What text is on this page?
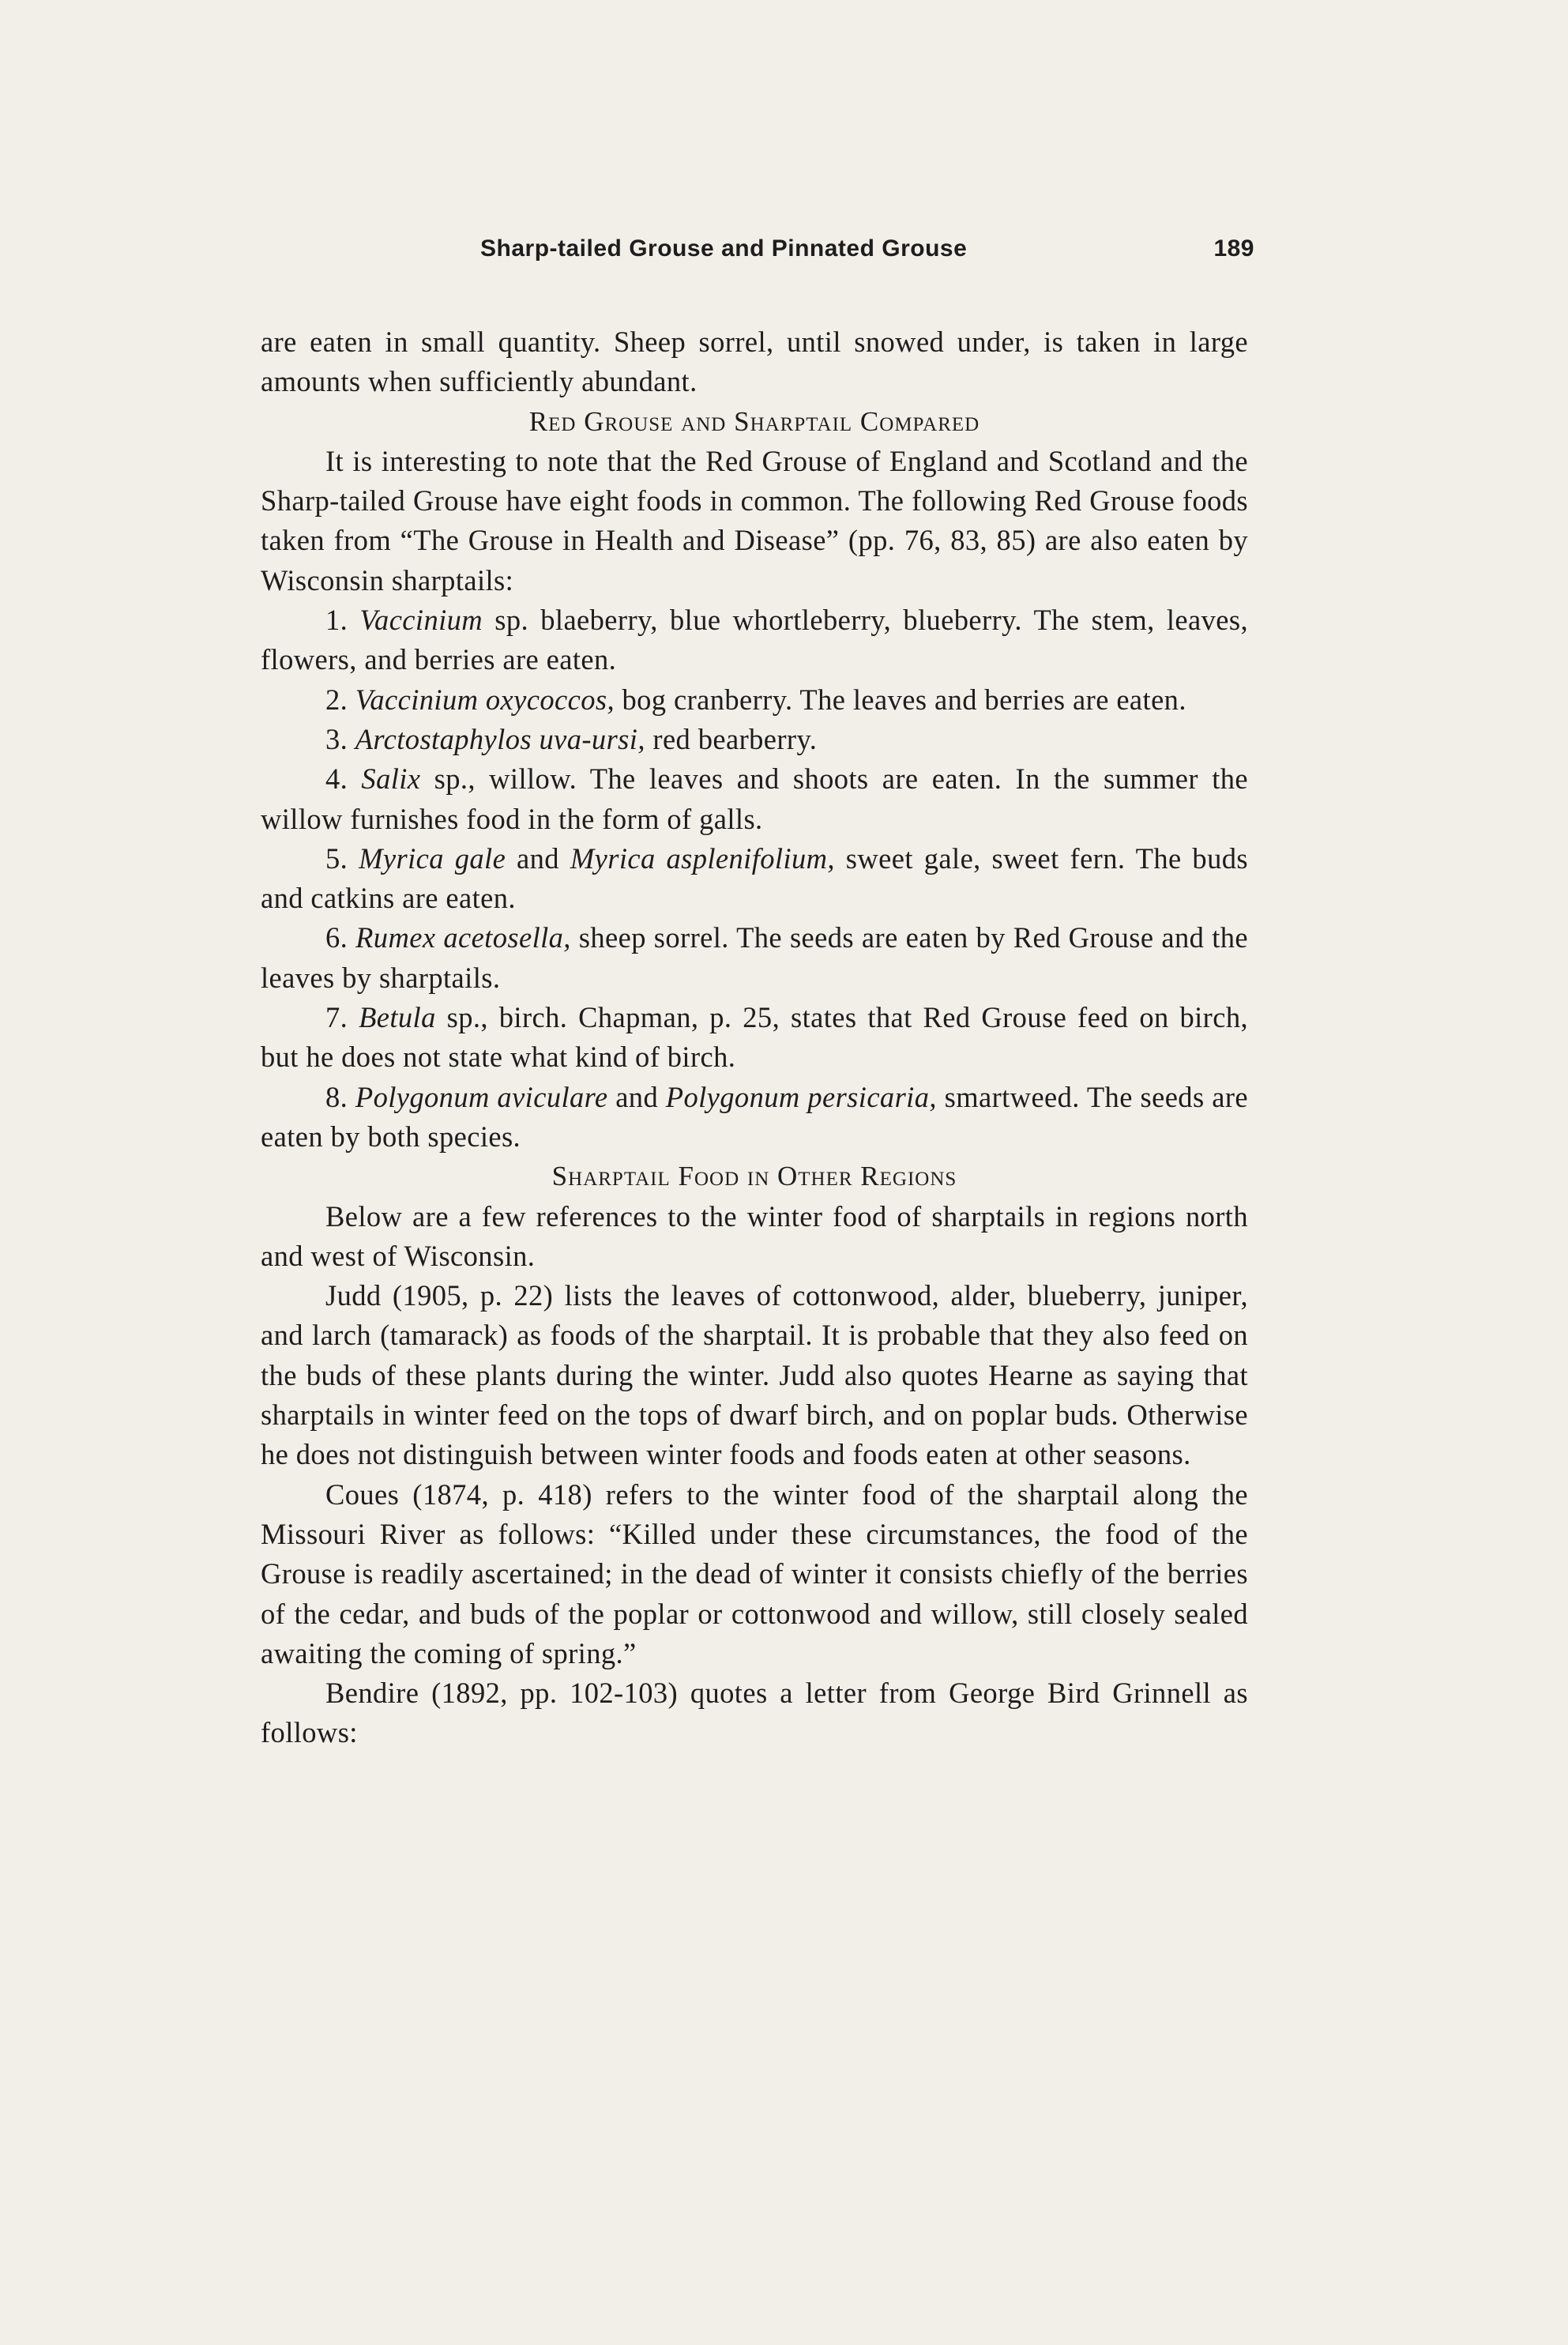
Sharp-tailed Grouse and Pinnated Grouse	189

are eaten in small quantity. Sheep sorrel, until snowed under, is taken in large amounts when sufficiently abundant.

Red Grouse and Sharptail Compared

It is interesting to note that the Red Grouse of England and Scotland and the Sharp-tailed Grouse have eight foods in common. The following Red Grouse foods taken from “The Grouse in Health and Disease” (pp. 76, 83, 85) are also eaten by Wisconsin sharptails:

1. Vaccinium sp. blaeberry, blue whortleberry, blueberry. The stem, leaves, flowers, and berries are eaten.

2. Vaccinium oxycoccos, bog cranberry. The leaves and berries are eaten.

3. Arctostaphylos uva-ursi, red bearberry.

4. Salix sp., willow. The leaves and shoots are eaten. In the summer the willow furnishes food in the form of galls.

5. Myrica gale and Myrica asplenifolium, sweet gale, sweet fern. The buds and catkins are eaten.

6. Rumex acetosella, sheep sorrel. The seeds are eaten by Red Grouse and the leaves by sharptails.

7. Betula sp., birch. Chapman, p. 25, states that Red Grouse feed on birch, but he does not state what kind of birch.

8. Polygonum aviculare and Polygonum persicaria, smartweed. The seeds are eaten by both species.

Sharptail Food in Other Regions

Below are a few references to the winter food of sharptails in regions north and west of Wisconsin.

Judd (1905, p. 22) lists the leaves of cottonwood, alder, blueberry, juniper, and larch (tamarack) as foods of the sharptail. It is probable that they also feed on the buds of these plants during the winter. Judd also quotes Hearne as saying that sharptails in winter feed on the tops of dwarf birch, and on poplar buds. Otherwise he does not distinguish between winter foods and foods eaten at other seasons.

Coues (1874, p. 418) refers to the winter food of the sharptail along the Missouri River as follows: “Killed under these circumstances, the food of the Grouse is readily ascertained; in the dead of winter it consists chiefly of the berries of the cedar, and buds of the poplar or cottonwood and willow, still closely sealed awaiting the coming of spring.”

Bendire (1892, pp. 102-103) quotes a letter from George Bird Grinnell as follows:
